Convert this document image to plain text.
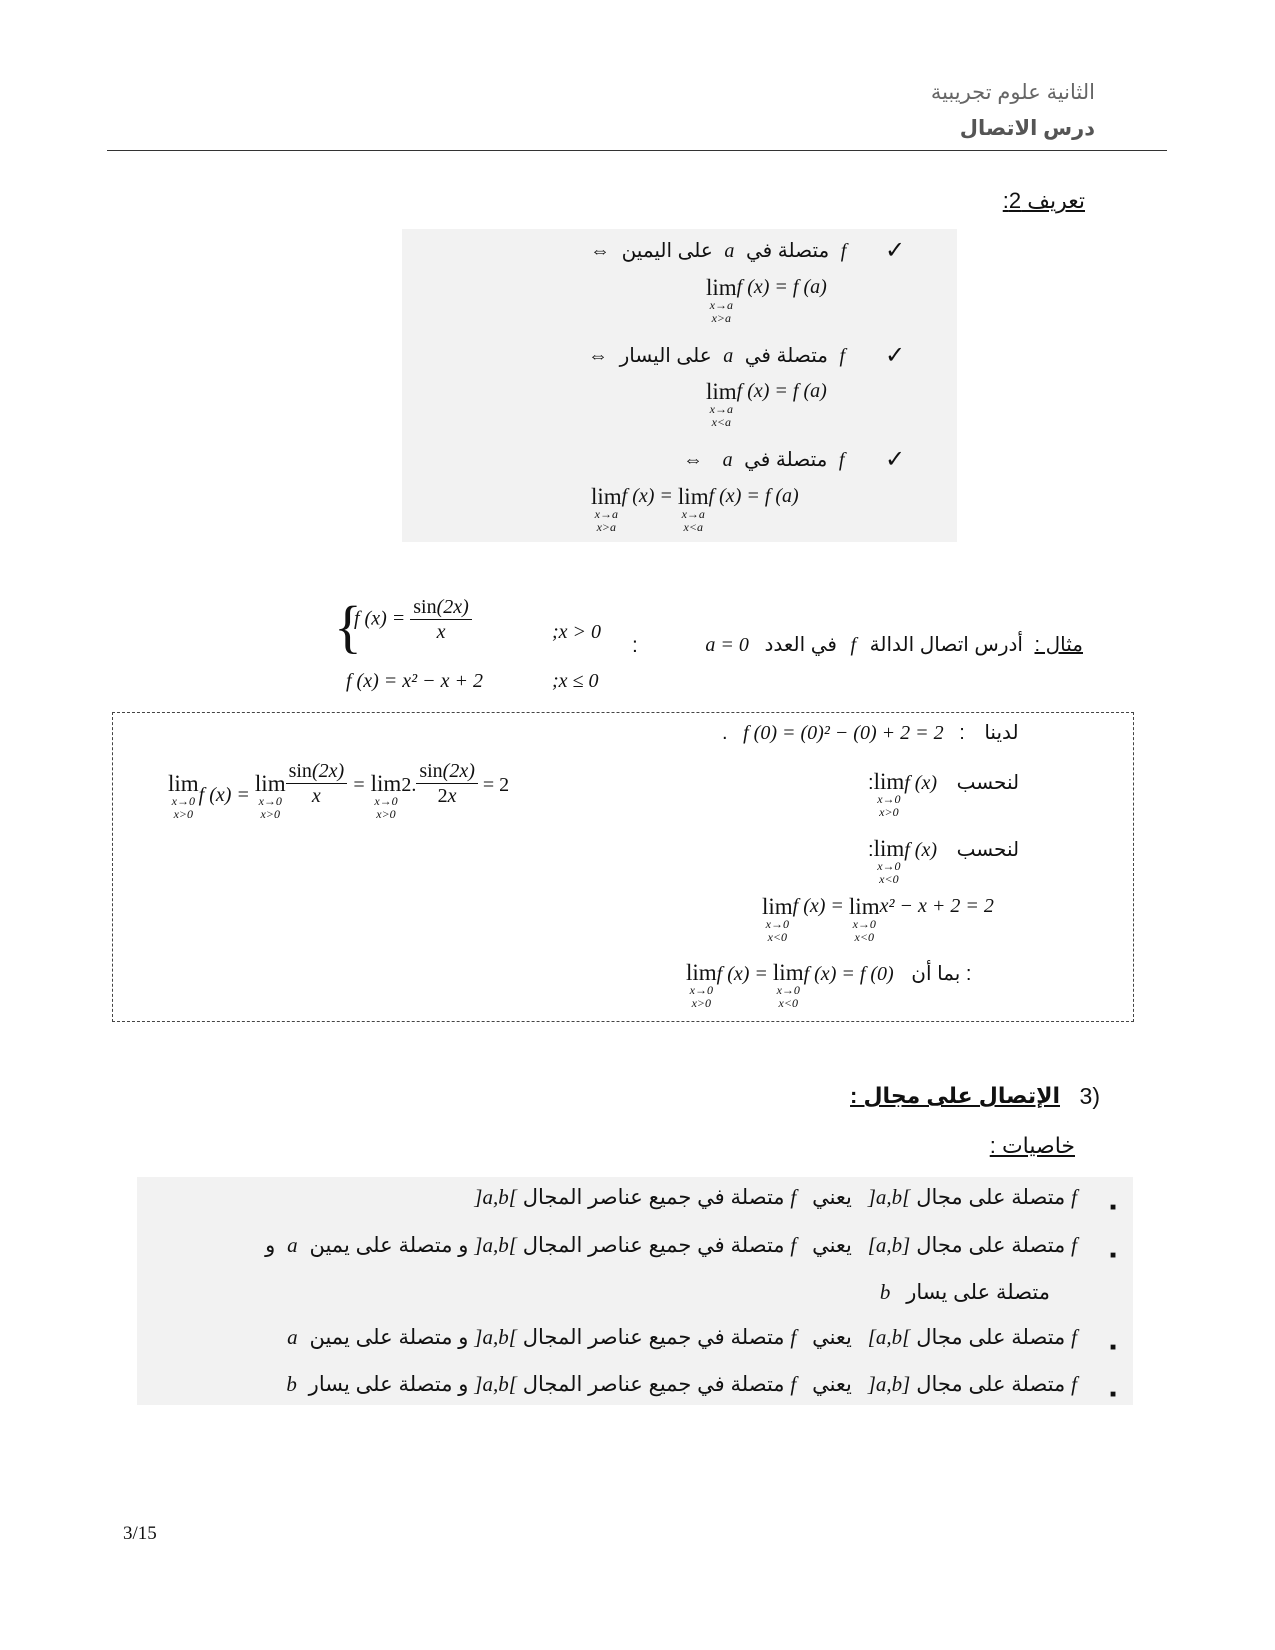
الثانية علوم تجريبية
درس الاتصال
تعريف 2:
⇔ على اليمين a متصلة في f ✓
lim
x→a
x>a
f (x) = f (a)
⇔ على اليسار a متصلة في f ✓
lim
x→a
x<a
f (x) = f (a)
⇔ a متصلة في f ✓
lim
x→a
x>a
f (x) = lim
x→a
x<a
f (x) = f (a)
مثال : أدرس اتصال الدالة f في العدد a = 0
:
{
f $(x) = \frac{\sin(2x)}{x}$	;x > 0
f (x) = x² − x + 2	;x ≤ 0
. f (0) = (0)² − (0) + 2 = 2 : لدينا
: lim
x→0
x>0
f (x) لنحسب
lim
x→0
x>0
f (x) = lim
x→0
x>0
$\frac{\sin(2x)}{x} = \lim$
x→0
x>0
2. $\frac{\sin(2x)}{2x} = 2$
: lim
x→0
x<0
f (x) لنحسب
lim
x→0
x<0
f (x) = lim
x→0
x<0
x² − x + 2 = 2
lim
x→0
x>0
f (x) = lim
x→0
x<0
f (x) = f (0) بما أن :
الإتصال على مجال : 3)
خاصيات :
■
f متصلة على مجال ]a,b[ يعني f متصلة في جميع عناصر المجال ]a,b[
■
f متصلة على مجال [a,b] يعني f متصلة في جميع عناصر المجال ]a,b[ و متصلة على يمين a و
متصلة على يسار b
■
f متصلة على مجال [a,b[ يعني f متصلة في جميع عناصر المجال ]a,b[ و متصلة على يمين a
■
f متصلة على مجال ]a,b] يعني f متصلة في جميع عناصر المجال ]a,b[ و متصلة على يسار b
3/15
